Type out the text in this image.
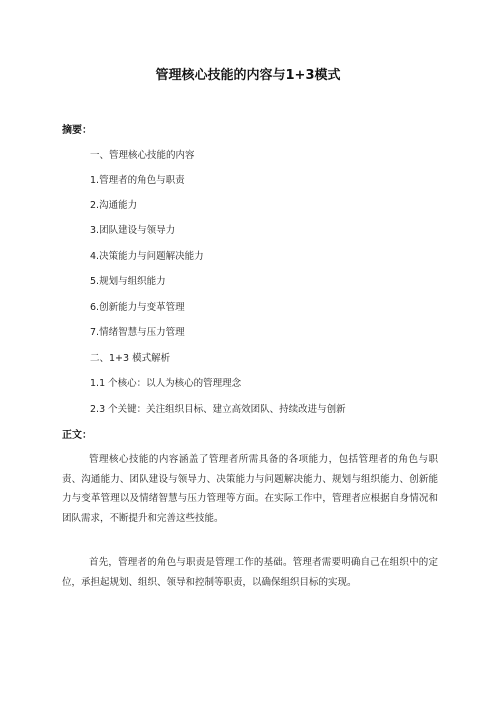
管理核心技能的内容与1+3模式
摘要：
一、管理核心技能的内容
1.管理者的角色与职责
2.沟通能力
3.团队建设与领导力
4.决策能力与问题解决能力
5.规划与组织能力
6.创新能力与变革管理
7.情绪智慧与压力管理
二、1+3 模式解析
1.1 个核心：以人为核心的管理理念
2.3 个关键：关注组织目标、建立高效团队、持续改进与创新
正文：
管理核心技能的内容涵盖了管理者所需具备的各项能力，包括管理者的角色与职责、沟通能力、团队建设与领导力、决策能力与问题解决能力、规划与组织能力、创新能力与变革管理以及情绪智慧与压力管理等方面。在实际工作中，管理者应根据自身情况和团队需求，不断提升和完善这些技能。
首先，管理者的角色与职责是管理工作的基础。管理者需要明确自己在组织中的定位，承担起规划、组织、领导和控制等职责，以确保组织目标的实现。
